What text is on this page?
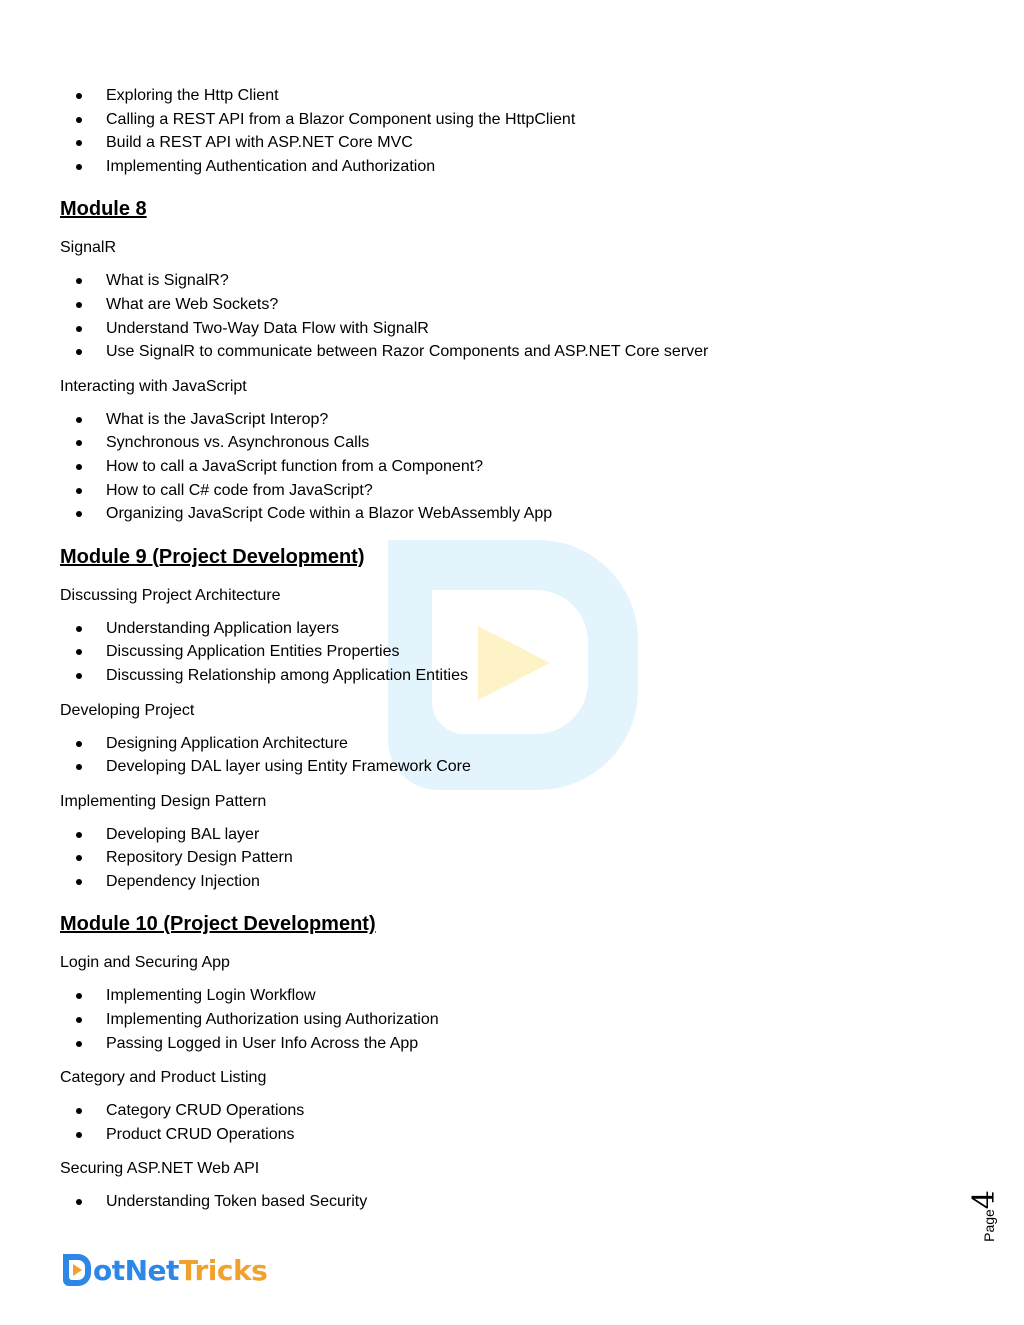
Exploring the Http Client
Calling a REST API from a Blazor Component using the HttpClient
Build a REST API with ASP.NET Core MVC
Implementing Authentication and Authorization
Module 8
SignalR
What is SignalR?
What are Web Sockets?
Understand Two-Way Data Flow with SignalR
Use SignalR to communicate between Razor Components and ASP.NET Core server
Interacting with JavaScript
What is the JavaScript Interop?
Synchronous vs. Asynchronous Calls
How to call a JavaScript function from a Component?
How to call C# code from JavaScript?
Organizing JavaScript Code within a Blazor WebAssembly App
Module 9 (Project Development)
Discussing Project Architecture
Understanding Application layers
Discussing Application Entities Properties
Discussing Relationship among Application Entities
Developing Project
Designing Application Architecture
Developing DAL layer using Entity Framework Core
Implementing Design Pattern
Developing BAL layer
Repository Design Pattern
Dependency Injection
Module 10 (Project Development)
Login and Securing App
Implementing Login Workflow
Implementing Authorization using Authorization
Passing Logged in User Info Across the App
Category and Product Listing
Category CRUD Operations
Product CRUD Operations
Securing ASP.NET Web API
Understanding Token based Security
Page
4
otNetTricks
